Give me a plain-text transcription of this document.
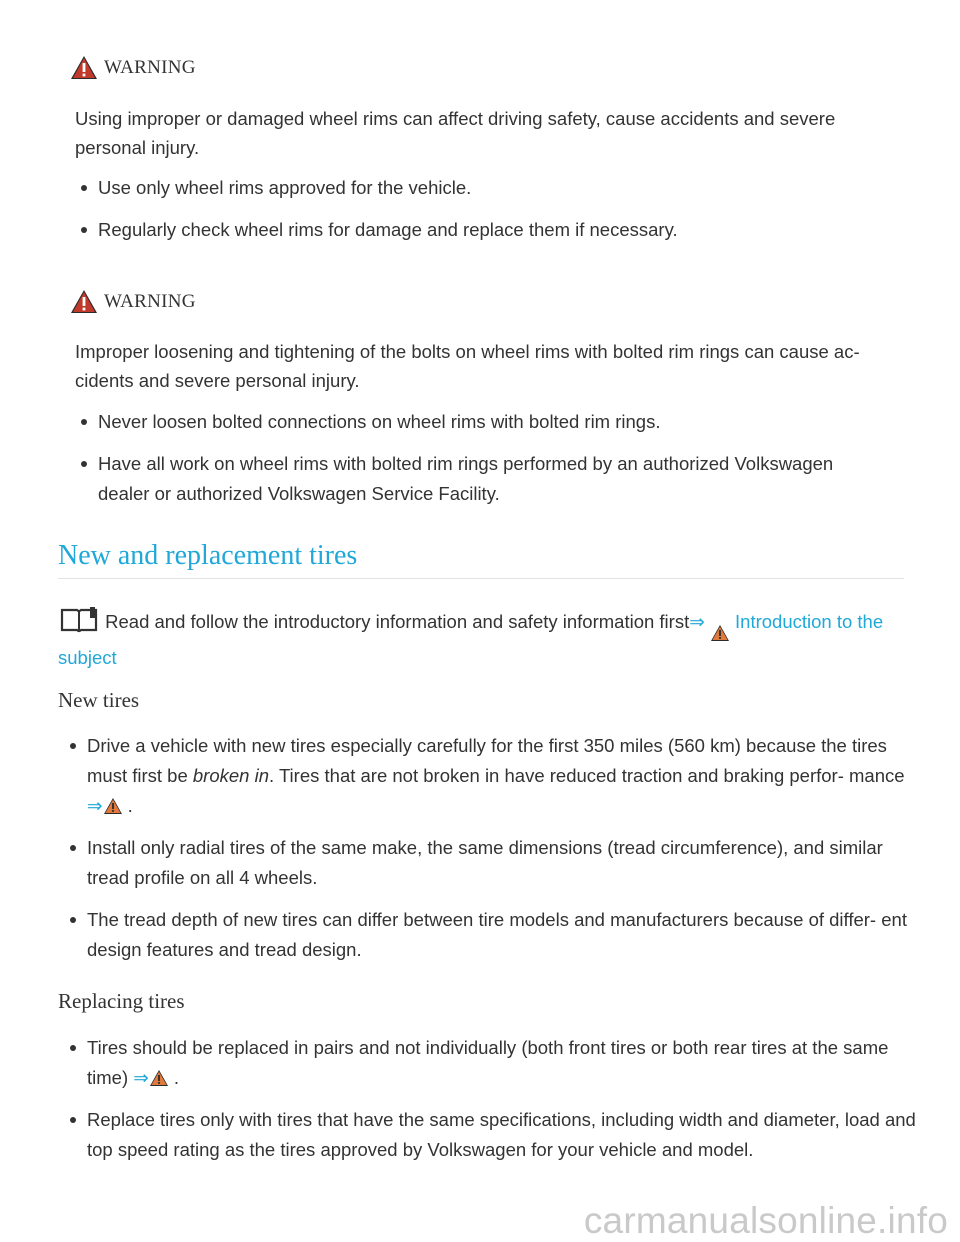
WARNING
Using improper or damaged wheel rims can affect driving safety, cause accidents and severe personal injury.
Use only wheel rims approved for the vehicle.
Regularly check wheel rims for damage and replace them if necessary.
WARNING
Improper loosening and tightening of the bolts on wheel rims with bolted rim rings can cause ac- cidents and severe personal injury.
Never loosen bolted connections on wheel rims with bolted rim rings.
Have all work on wheel rims with bolted rim rings performed by an authorized Volkswagen dealer or authorized Volkswagen Service Facility.
New and replacement tires
Read and follow the introductory information and safety information first⇒ Introduction to the subject
New tires
Drive a vehicle with new tires especially carefully for the first 350 miles (560 km) because the tires must first be broken in. Tires that are not broken in have reduced traction and braking perfor- mance ⇒ .
Install only radial tires of the same make, the same dimensions (tread circumference), and similar tread profile on all 4 wheels.
The tread depth of new tires can differ between tire models and manufacturers because of differ- ent design features and tread design.
Replacing tires
Tires should be replaced in pairs and not individually (both front tires or both rear tires at the same time) ⇒ .
Replace tires only with tires that have the same specifications, including width and diameter, load and top speed rating as the tires approved by Volkswagen for your vehicle and model.
carmanualsonline.info
